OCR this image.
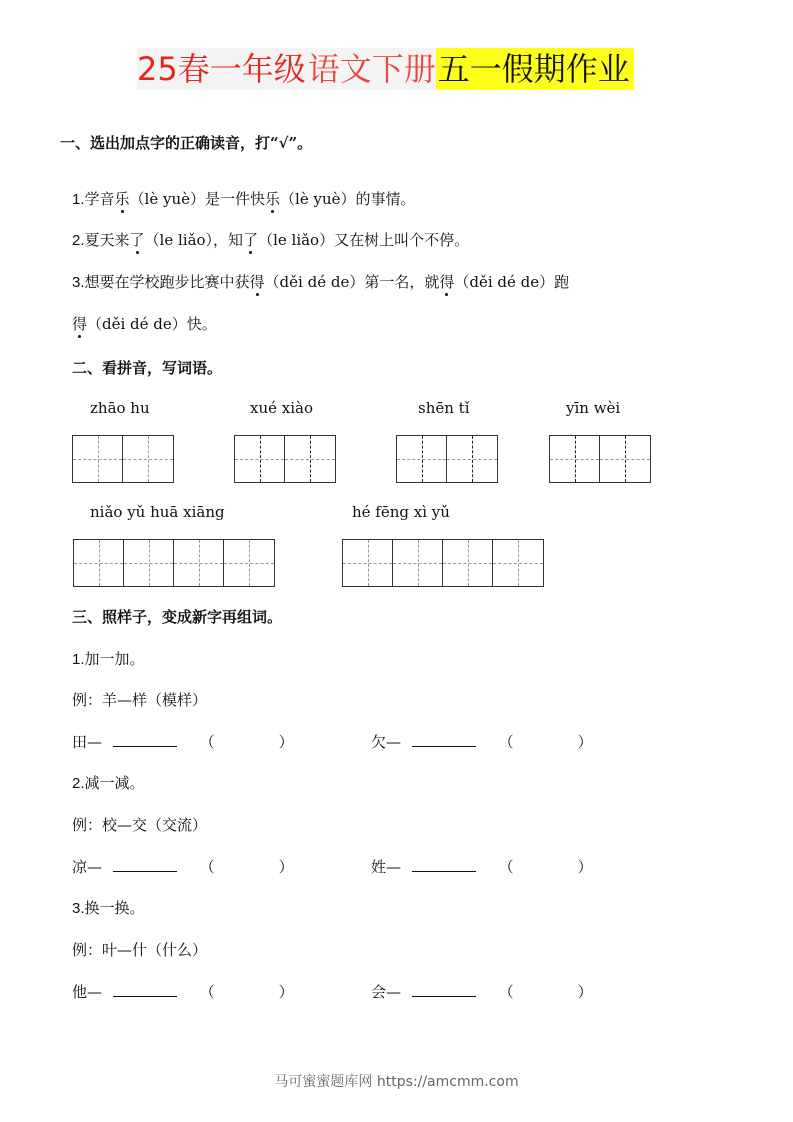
25春一年级 语文下册 五一假期作业
一、选出加点字的正确读音，打“√”。
1.学音乐（lè yuè）是一件快乐（lè yuè）的事情。
2.夏天来了（le liǎo），知了（le liǎo）又在树上叫个不停。
3.想要在学校跑步比赛中获得（děi dé de）第一名，就得（děi dé de）跑
得（děi dé de）快。
二、看拼音，写词语。
zhāo hu	xué xiào	shēn tǐ	yīn wèi
niǎo yǔ huā xiāng	hé fēng xì yǔ
三、照样子，变成新字再组词。
1.加一加。
例：羊—样（模样）
田—	（	）	欠—	（	）
2.减一减。
例：校—交（交流）
凉—	（	）	姓—	（	）
3.换一换。
例：叶—什（什么）
他—	（	）	会—	（	）
马可蜜蜜题库网 https://amcmm.com
